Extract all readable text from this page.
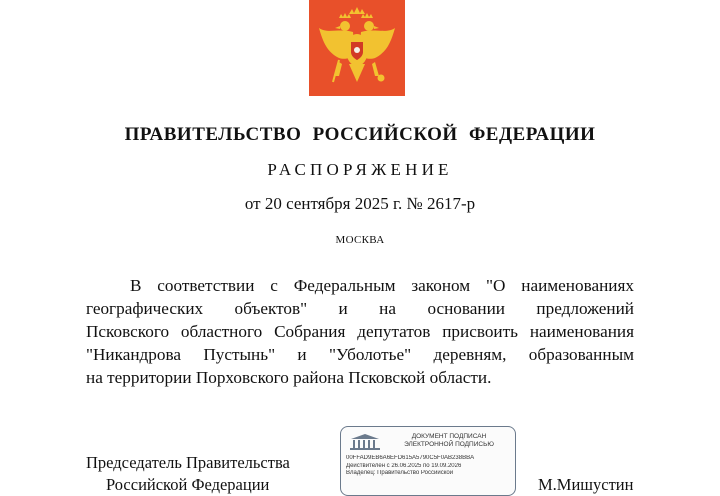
ПРАВИТЕЛЬСТВО РОССИЙСКОЙ ФЕДЕРАЦИИ
РАСПОРЯЖЕНИЕ
от 20 сентября 2025 г. № 2617-р
МОСКВА
В соответствии с Федеральным законом "О наименованиях
географических объектов" и на основании предложений
Псковского областного Собрания депутатов присвоить наименования
"Никандрова Пустынь" и "Уболотье" деревням, образованным
на территории Порховского района Псковской области.
Председатель Правительства
Российской Федерации
ДОКУМЕНТ ПОДПИСАН
ЭЛЕКТРОННОЙ ПОДПИСЬЮ
00FFAD9EB6A6EFD615A5790C5F0AB238BBA
Действителен с 26.06.2025 по 19.09.2026
Владелец: Правительство Российской
М.Мишустин
